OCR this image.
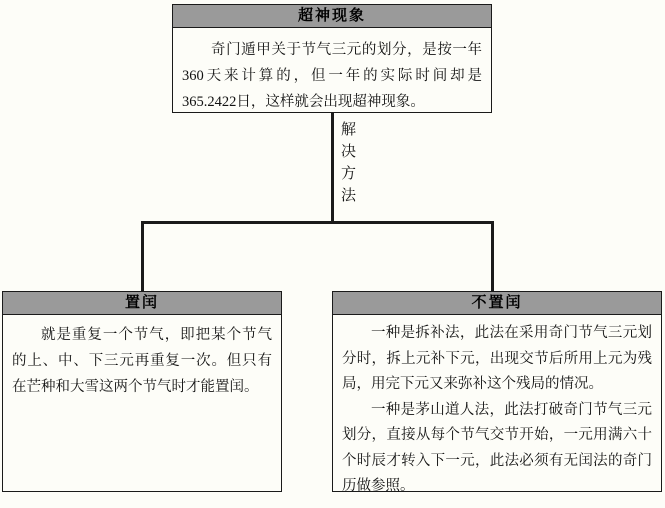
解
决
方
法
超神现象

奇门遁甲关于节气三元的划分，是按一年360天来计算的，但一年的实际时间却是365.2422日，这样就会出现超神现象。

置闰

就是重复一个节气，即把某个节气的上、中、下三元再重复一次。但只有在芒种和大雪这两个节气时才能置闰。

不置闰

一种是拆补法，此法在采用奇门节气三元划分时，拆上元补下元，出现交节后所用上元为残局，用完下元又来弥补这个残局的情况。

一种是茅山道人法，此法打破奇门节气三元划分，直接从每个节气交节开始，一元用满六十个时辰才转入下一元，此法必须有无闰法的奇门历做参照。
